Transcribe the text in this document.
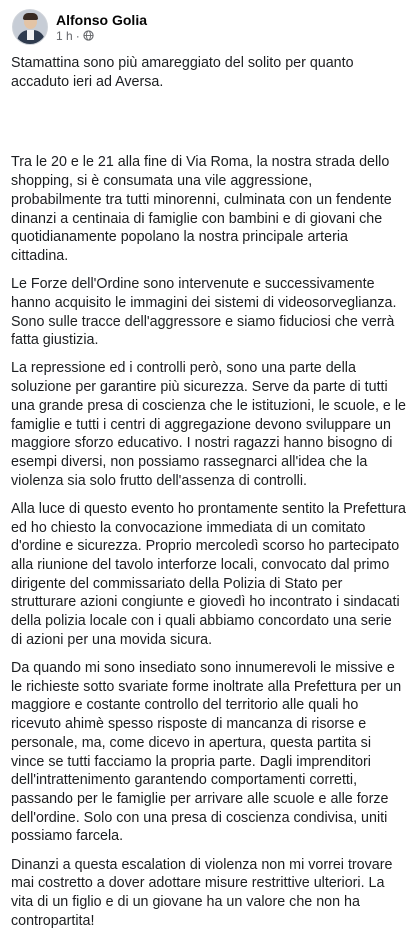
Alfonso Golia
1 h ·

Stamattina sono più amareggiato del solito per quanto accaduto ieri ad Aversa.

Tra le 20 e le 21 alla fine di Via Roma, la nostra strada dello shopping, si è consumata una vile aggressione, probabilmente tra tutti minorenni, culminata con un fendente dinanzi a centinaia di famiglie con bambini e di giovani che quotidianamente popolano la nostra principale arteria cittadina.

Le Forze dell'Ordine sono intervenute e successivamente hanno acquisito le immagini dei sistemi di videosorveglianza. Sono sulle tracce dell'aggressore e siamo fiduciosi che verrà fatta giustizia.

La repressione ed i controlli però, sono una parte della soluzione per garantire più sicurezza. Serve da parte di tutti una grande presa di coscienza che le istituzioni, le scuole, e le famiglie e tutti i centri di aggregazione devono sviluppare un maggiore sforzo educativo. I nostri ragazzi hanno bisogno di esempi diversi, non possiamo rassegnarci all'idea che la violenza sia solo frutto dell'assenza di controlli.

Alla luce di questo evento ho prontamente sentito la Prefettura ed ho chiesto la convocazione immediata di un comitato d'ordine e sicurezza. Proprio mercoledì scorso ho partecipato alla riunione del tavolo interforze locali, convocato dal primo dirigente del commissariato della Polizia di Stato per strutturare azioni congiunte e giovedì ho incontrato i sindacati della polizia locale con i quali abbiamo concordato una serie di azioni per una movida sicura.

Da quando mi sono insediato sono innumerevoli le missive e le richieste sotto svariate forme inoltrate alla Prefettura per un maggiore e costante controllo del territorio alle quali ho ricevuto ahimè spesso risposte di mancanza di risorse e personale, ma, come dicevo in apertura, questa partita si vince se tutti facciamo la propria parte. Dagli imprenditori dell'intrattenimento garantendo comportamenti corretti, passando per le famiglie per arrivare alle scuole e alle forze dell'ordine. Solo con una presa di coscienza condivisa, uniti possiamo farcela.

Dinanzi a questa escalation di violenza non mi vorrei trovare mai costretto a dover adottare misure restrittive ulteriori. La vita di un figlio e di un giovane ha un valore che non ha contropartita!
